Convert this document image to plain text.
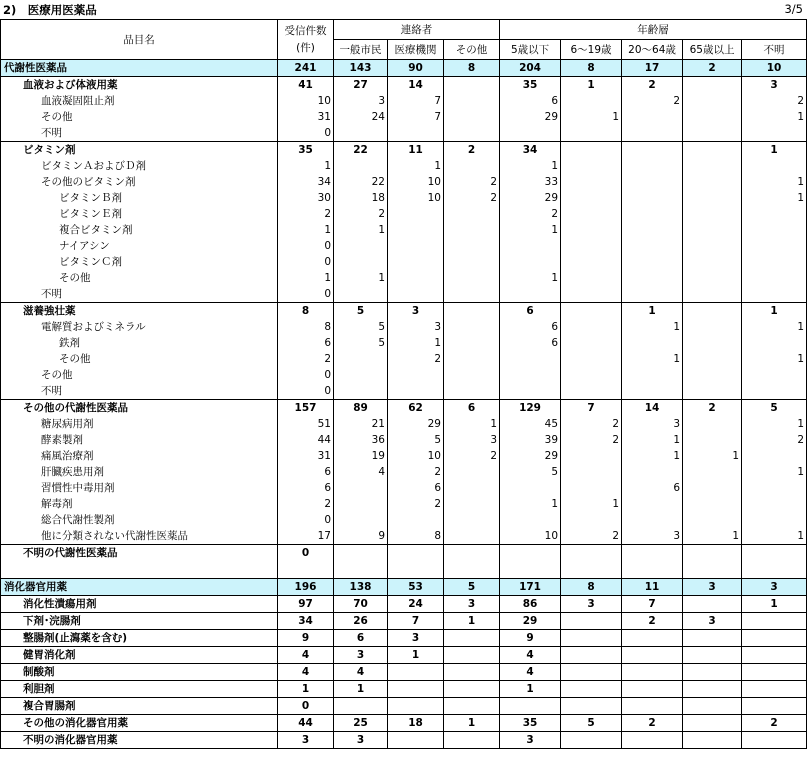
2)　医療用医薬品	3/5
品目名	受信件数
(件)	連絡者			年齢層				
		一般市民	医療機関	その他	5歳以下	6～19歳	20～64歳	65歳以上	不明
代謝性医薬品	241	143	90	8	204	8	17	2	10
血液および体液用薬	41	27	14		35	1	2		3
血液凝固阻止剤	10	3	7		6		2		2
その他	31	24	7		29	1			1
不明	0								
ビタミン剤	35	22	11	2	34				1
ビタミンＡおよびＤ剤	1		1		1				
その他のビタミン剤	34	22	10	2	33				1
ビタミンＢ剤	30	18	10	2	29				1
ビタミンＥ剤	2	2			2				
複合ビタミン剤	1	1			1				
ナイアシン	0								
ビタミンＣ剤	0								
その他	1	1			1				
不明	0								
滋養強壮薬	8	5	3		6		1		1
電解質およびミネラル	8	5	3		6		1		1
鉄剤	6	5	1		6				
その他	2		2				1		1
その他	0								
不明	0								
その他の代謝性医薬品	157	89	62	6	129	7	14	2	5
糖尿病用剤	51	21	29	1	45	2	3		1
酵素製剤	44	36	5	3	39	2	1		2
痛風治療剤	31	19	10	2	29		1	1	
肝臓疾患用剤	6	4	2		5				1
習慣性中毒用剤	6		6				6		
解毒剤	2		2		1	1			
総合代謝性製剤	0								
他に分類されない代謝性医薬品	17	9	8		10	2	3	1	1
不明の代謝性医薬品	0								

消化器官用薬	196	138	53	5	171	8	11	3	3
消化性潰瘍用剤	97	70	24	3	86	3	7		1
下剤･浣腸剤	34	26	7	1	29		2	3	
整腸剤(止瀉薬を含む)	9	6	3		9				
健胃消化剤	4	3	1		4				
制酸剤	4	4			4				
利胆剤	1	1			1				
複合胃腸剤	0								
その他の消化器官用薬	44	25	18	1	35	5	2		2
不明の消化器官用薬	3	3			3				
